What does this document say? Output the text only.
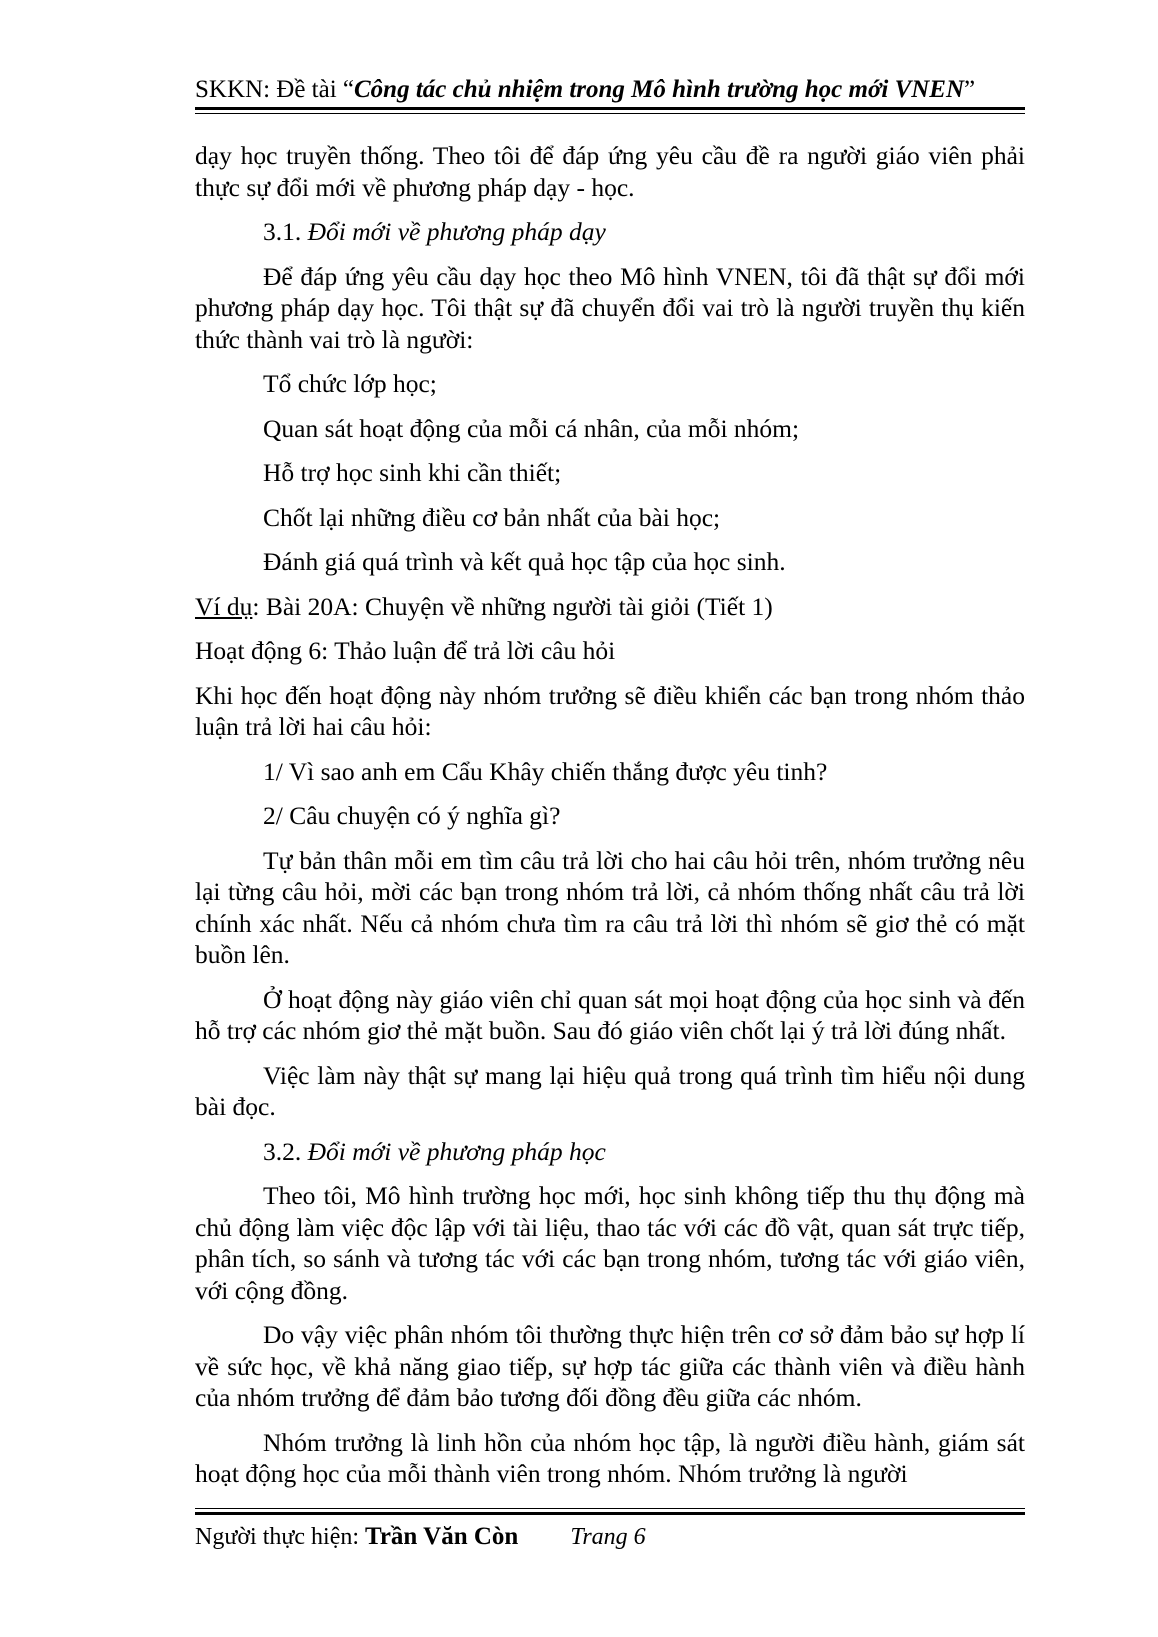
SKKN: Đề tài “Công tác chủ nhiệm trong Mô hình trường học mới VNEN”

dạy học truyền thống. Theo tôi để đáp ứng yêu cầu đề ra người giáo viên phải thực sự đổi mới về phương pháp dạy - học.

3.1. Đổi mới về phương pháp dạy

Để đáp ứng yêu cầu dạy học theo Mô hình VNEN, tôi đã thật sự đổi mới phương pháp dạy học. Tôi thật sự đã chuyển đổi vai trò là người truyền thụ kiến thức thành vai trò là người:

Tổ chức lớp học;

Quan sát hoạt động của mỗi cá nhân, của mỗi nhóm;

Hỗ trợ học sinh khi cần thiết;

Chốt lại những điều cơ bản nhất của bài học;

Đánh giá quá trình và kết quả học tập của học sinh.

Ví dụ: Bài 20A: Chuyện về những người tài giỏi (Tiết 1)

Hoạt động 6: Thảo luận để trả lời câu hỏi

Khi học đến hoạt động này nhóm trưởng sẽ điều khiển các bạn trong nhóm thảo luận trả lời hai câu hỏi:

1/ Vì sao anh em Cẩu Khây chiến thắng được yêu tinh?

2/ Câu chuyện có ý nghĩa gì?

Tự bản thân mỗi em tìm câu trả lời cho hai câu hỏi trên, nhóm trưởng nêu lại từng câu hỏi, mời các bạn trong nhóm trả lời, cả nhóm thống nhất câu trả lời chính xác nhất. Nếu cả nhóm chưa tìm ra câu trả lời thì nhóm sẽ giơ thẻ có mặt buồn lên.

Ở hoạt động này giáo viên chỉ quan sát mọi hoạt động của học sinh và đến hỗ trợ các nhóm giơ thẻ mặt buồn. Sau đó giáo viên chốt lại ý trả lời đúng nhất.

Việc làm này thật sự mang lại hiệu quả trong quá trình tìm hiểu nội dung bài đọc.

3.2. Đổi mới về phương pháp học

Theo tôi, Mô hình trường học mới, học sinh không tiếp thu thụ động mà chủ động làm việc độc lập với tài liệu, thao tác với các đồ vật, quan sát trực tiếp, phân tích, so sánh và tương tác với các bạn trong nhóm, tương tác với giáo viên, với cộng đồng.

Do vậy việc phân nhóm tôi thường thực hiện trên cơ sở đảm bảo sự hợp lí về sức học, về khả năng giao tiếp, sự hợp tác giữa các thành viên và điều hành của nhóm trưởng để đảm bảo tương đối đồng đều giữa các nhóm.

Nhóm trưởng là linh hồn của nhóm học tập, là người điều hành, giám sát hoạt động học của mỗi thành viên trong nhóm. Nhóm trưởng là người

Người thực hiện: Trần Văn Còn Trang 6
